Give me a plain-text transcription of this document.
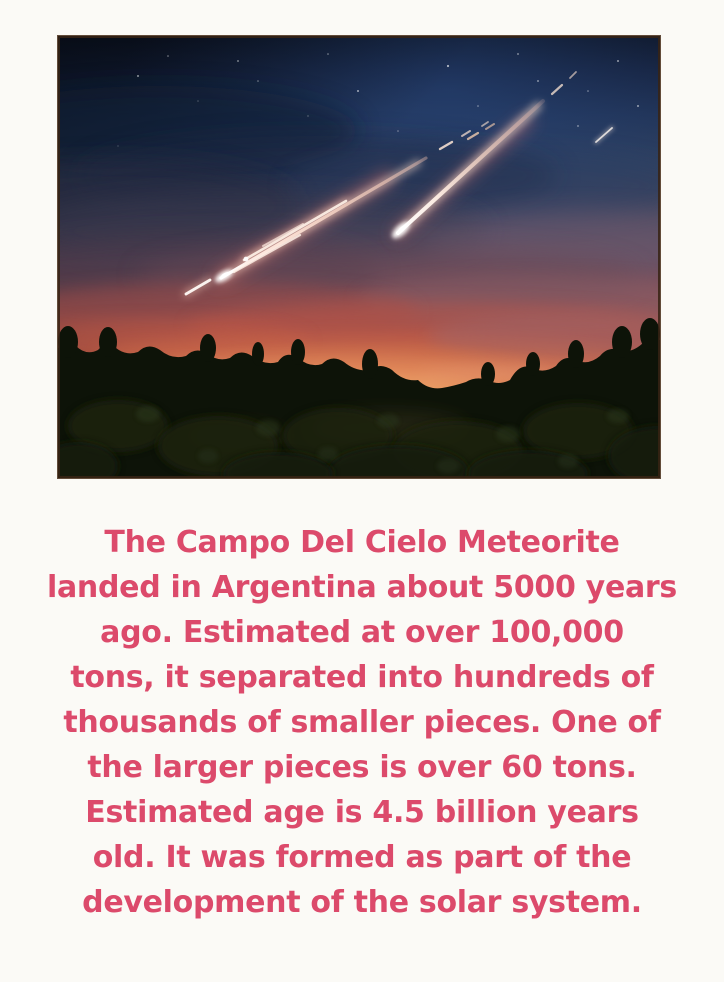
The Campo Del Cielo Meteorite
landed in Argentina about 5000 years
ago. Estimated at over 100,000
tons, it separated into hundreds of
thousands of smaller pieces. One of
the larger pieces is over 60 tons.
Estimated age is 4.5 billion years
old. It was formed as part of the
development of the solar system.
